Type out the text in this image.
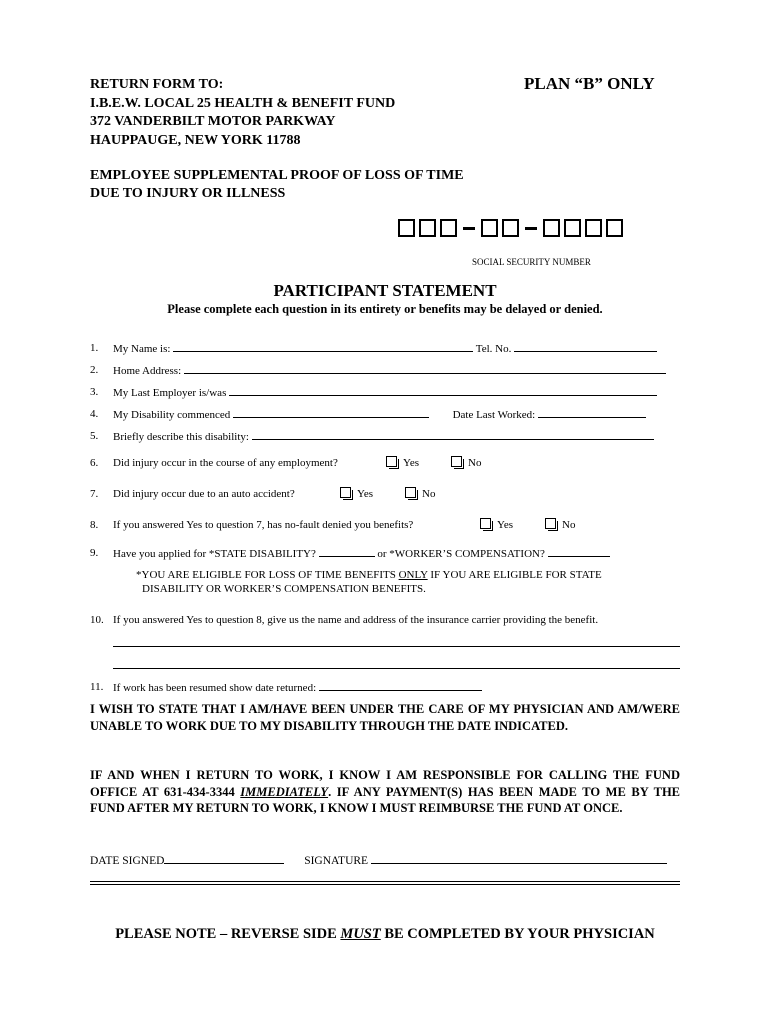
RETURN FORM TO:
I.B.E.W. LOCAL 25 HEALTH & BENEFIT FUND
372 VANDERBILT MOTOR PARKWAY
HAUPPAUGE, NEW YORK 11788
PLAN “B” ONLY
EMPLOYEE SUPPLEMENTAL PROOF OF LOSS OF TIME
DUE TO INJURY OR ILLNESS
SOCIAL SECURITY NUMBER
PARTICIPANT STATEMENT
Please complete each question in its entirety or benefits may be delayed or denied.
1. My Name is:	Tel. No.
2. Home Address:
3. My Last Employer is/was
4. My Disability commenced	Date Last Worked:
5. Briefly describe this disability:
6. Did injury occur in the course of any employment?	Yes	No
7. Did injury occur due to an auto accident?	Yes	No
8. If you answered Yes to question 7, has no-fault denied you benefits?	Yes	No
9. Have you applied for *STATE DISABILITY?	or *WORKER’S COMPENSATION?
*YOU ARE ELIGIBLE FOR LOSS OF TIME BENEFITS ONLY IF YOU ARE ELIGIBLE FOR STATE
DISABILITY OR WORKER’S COMPENSATION BENEFITS.
10. If you answered Yes to question 8, give us the name and address of the insurance carrier providing the benefit.
11. If work has been resumed show date returned:
I WISH TO STATE THAT I AM/HAVE BEEN UNDER THE CARE OF MY PHYSICIAN AND AM/WERE UNABLE TO WORK DUE TO MY DISABILITY THROUGH THE DATE INDICATED.
IF AND WHEN I RETURN TO WORK, I KNOW I AM RESPONSIBLE FOR CALLING THE FUND OFFICE AT 631-434-3344 IMMEDIATELY. IF ANY PAYMENT(S) HAS BEEN MADE TO ME BY THE FUND AFTER MY RETURN TO WORK, I KNOW I MUST REIMBURSE THE FUND AT ONCE.
DATE SIGNED	SIGNATURE
PLEASE NOTE – REVERSE SIDE MUST BE COMPLETED BY YOUR PHYSICIAN
